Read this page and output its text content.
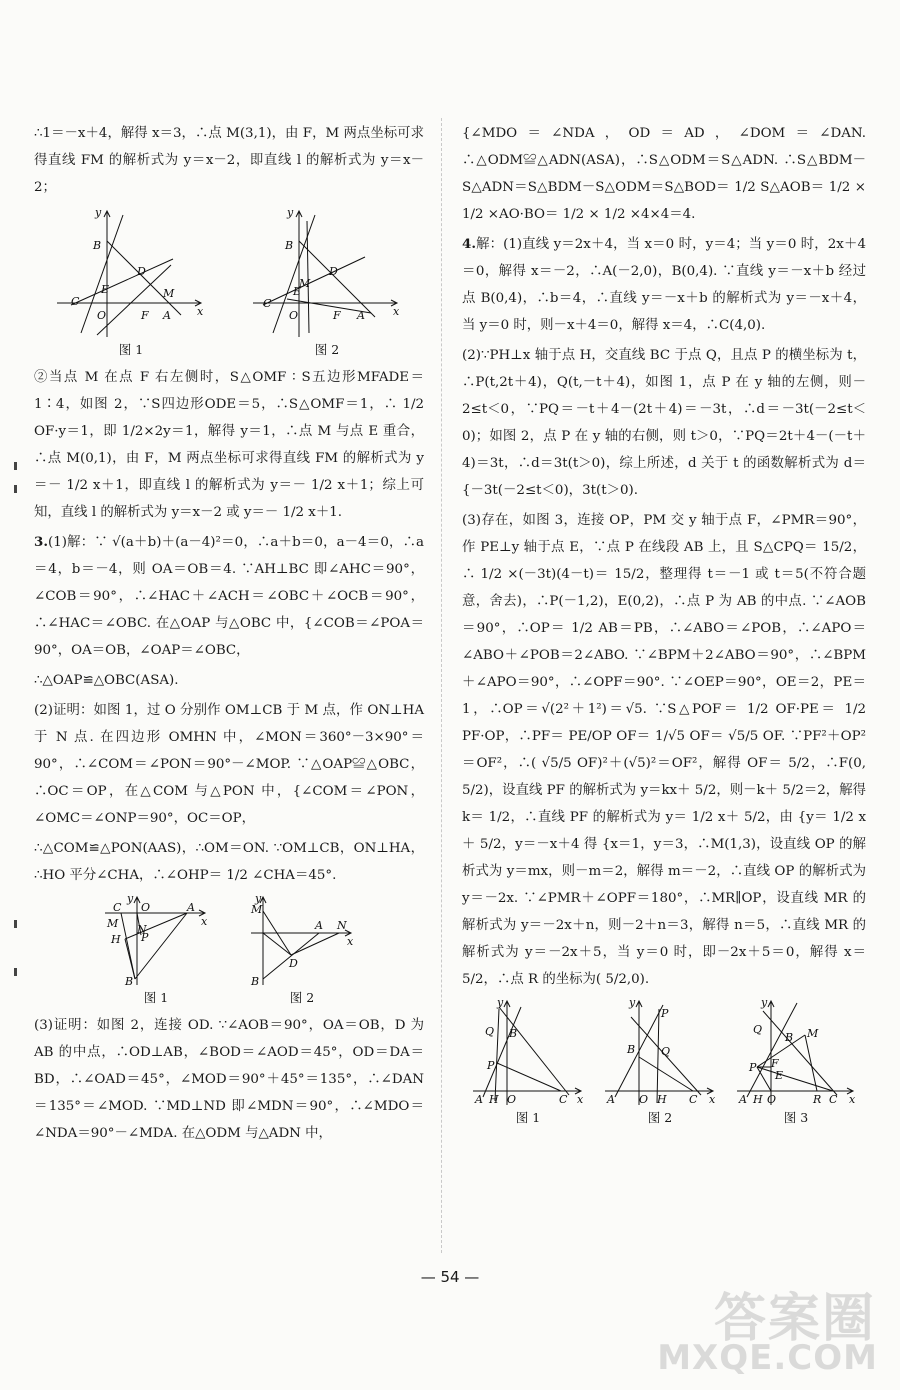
∴1＝－x＋4，解得 x＝3，∴点 M(3,1)，由 F，M 两点坐标可求得直线 FM 的解析式为 y＝x－2，即直线 l 的解析式为 y＝x－2；

y
x
B
D
E	M
C
O	F A
图 1
y
x
B
D
M
E
C
O	F A
图 2

②当点 M 在点 F 右左侧时，S△OMF ∶ S五边形MFADE＝1∶4，如图 2，∵S四边形ODE＝5，∴S△OMF＝1，∴ 1/2 OF·y＝1，即 1/2×2y＝1，解得 y＝1，∴点 M 与点 E 重合，∴点 M(0,1)，由 F，M 两点坐标可求得直线 FM 的解析式为 y＝－ 1/2 x＋1，即直线 l 的解析式为 y＝－ 1/2 x＋1；综上可知，直线 l 的解析式为 y＝x－2 或 y＝－ 1/2 x＋1.

3.(1)解：∵ √(a＋b)＋(a－4)²＝0，∴a＋b＝0，a－4＝0，∴a＝4，b＝－4，则 OA＝OB＝4. ∵AH⊥BC 即∠AHC＝90°，∠COB＝90°，∴∠HAC＋∠ACH＝∠OBC＋∠OCB＝90°，∴∠HAC＝∠OBC. 在△OAP 与△OBC 中，{∠COB＝∠POA＝90°，OA＝OB，∠OAP＝∠OBC，

∴△OAP≌△OBC(ASA).

(2)证明：如图 1，过 O 分别作 OM⊥CB 于 M 点，作 ON⊥HA 于 N 点. 在四边形 OMHN 中，∠MON＝360°－3×90°＝90°，∴∠COM＝∠PON＝90°－∠MOP. ∵△OAP≌△OBC，∴OC＝OP，在△COM 与△PON 中，{∠COM＝∠PON，∠OMC＝∠ONP＝90°，OC＝OP，

∴△COM≌△PON(AAS)，∴OM＝ON. ∵OM⊥CB，ON⊥HA，∴HO 平分∠CHA，∴∠OHP＝ 1/2 ∠CHA＝45°.

y
x
C O	A
M
H P
N
B
图 1
y
x
M
A N
D
B
图 2

(3)证明：如图 2，连接 OD. ∵∠AOB＝90°，OA＝OB，D 为 AB 的中点，∴OD⊥AB，∠BOD＝∠AOD＝45°，OD＝DA＝BD，∴∠OAD＝45°，∠MOD＝90°＋45°＝135°，∴∠DAN＝135°＝∠MOD. ∵MD⊥ND 即∠MDN＝90°，∴∠MDO＝∠NDA＝90°－∠MDA. 在△ODM 与△ADN 中，

{∠MDO＝∠NDA，OD＝AD，∠DOM＝∠DAN. ∴△ODM≌△ADN(ASA)，∴S△ODM＝S△ADN. ∴S△BDM－S△ADN＝S△BDM－S△ODM＝S△BOD＝ 1/2 S△AOB＝ 1/2 × 1/2 ×AO·BO＝ 1/2 × 1/2 ×4×4＝4.

4.解：(1)直线 y＝2x＋4，当 x＝0 时，y＝4；当 y＝0 时，2x＋4＝0，解得 x＝－2，∴A(－2,0)，B(0,4). ∵直线 y＝－x＋b 经过点 B(0,4)，∴b＝4，∴直线 y＝－x＋b 的解析式为 y＝－x＋4，当 y＝0 时，则－x＋4＝0，解得 x＝4，∴C(4,0).

(2)∵PH⊥x 轴于点 H，交直线 BC 于点 Q，且点 P 的横坐标为 t，∴P(t,2t＋4)，Q(t,－t＋4)，如图 1，点 P 在 y 轴的左侧，则－2≤t＜0，∵PQ＝－t＋4－(2t＋4)＝－3t，∴d＝－3t(－2≤t＜0)；如图 2，点 P 在 y 轴的右侧，则 t＞0，∵PQ＝2t＋4－(－t＋4)＝3t，∴d＝3t(t＞0)，综上所述，d 关于 t 的函数解析式为 d＝{－3t(－2≤t＜0)，3t(t＞0).

(3)存在，如图 3，连接 OP，PM 交 y 轴于点 F，∠PMR＝90°，作 PE⊥y 轴于点 E，∵点 P 在线段 AB 上，且 S△CPQ＝ 15/2，∴ 1/2 ×(－3t)(4－t)＝ 15/2，整理得 t＝－1 或 t＝5(不符合题意，舍去)，∴P(－1,2)，E(0,2)，∴点 P 为 AB 的中点. ∵∠AOB＝90°，∴OP＝ 1/2 AB＝PB，∴∠ABO＝∠POB，∴∠APO＝∠ABO＋∠POB＝2∠ABO. ∵∠BPM＋2∠ABO＝90°，∴∠BPM＋∠APO＝90°，∴∠OPF＝90°. ∵∠OEP＝90°，OE＝2，PE＝1，∴OP＝√(2²＋1²)＝√5. ∵S△POF＝ 1/2 OF·PE＝ 1/2 PF·OP，∴PF＝ PE/OP OF＝ 1/√5 OF＝ √5/5 OF. ∵PF²＋OP²＝OF²，∴( √5/5 OF)²＋(√5)²＝OF²，解得 OF＝ 5/2，∴F(0, 5/2)，设直线 PF 的解析式为 y＝kx＋ 5/2，则－k＋ 5/2＝2，解得 k＝ 1/2，∴直线 PF 的解析式为 y＝ 1/2 x＋ 5/2，由 {y＝ 1/2 x＋ 5/2，y＝－x＋4 得 {x＝1，y＝3，∴M(1,3)，设直线 OP 的解析式为 y＝mx，则－m＝2，解得 m＝－2，∴直线 OP 的解析式为 y＝－2x. ∵∠PMR＋∠OPF＝180°，∴MR∥OP，设直线 MR 的解析式为 y＝－2x＋n，则－2＋n＝3，解得 n＝5，∴直线 MR 的解析式为 y＝－2x＋5，当 y＝0 时，即－2x＋5＝0，解得 x＝ 5/2，∴点 R 的坐标为( 5/2,0).

y
x
Q B
P
A H O	C
图 1
y
x
P
B Q
A O H C
图 2
y
x
Q
B M
P F
E
A H O	R C
图 3
— 54 —
答案圈
MXQE.COM
